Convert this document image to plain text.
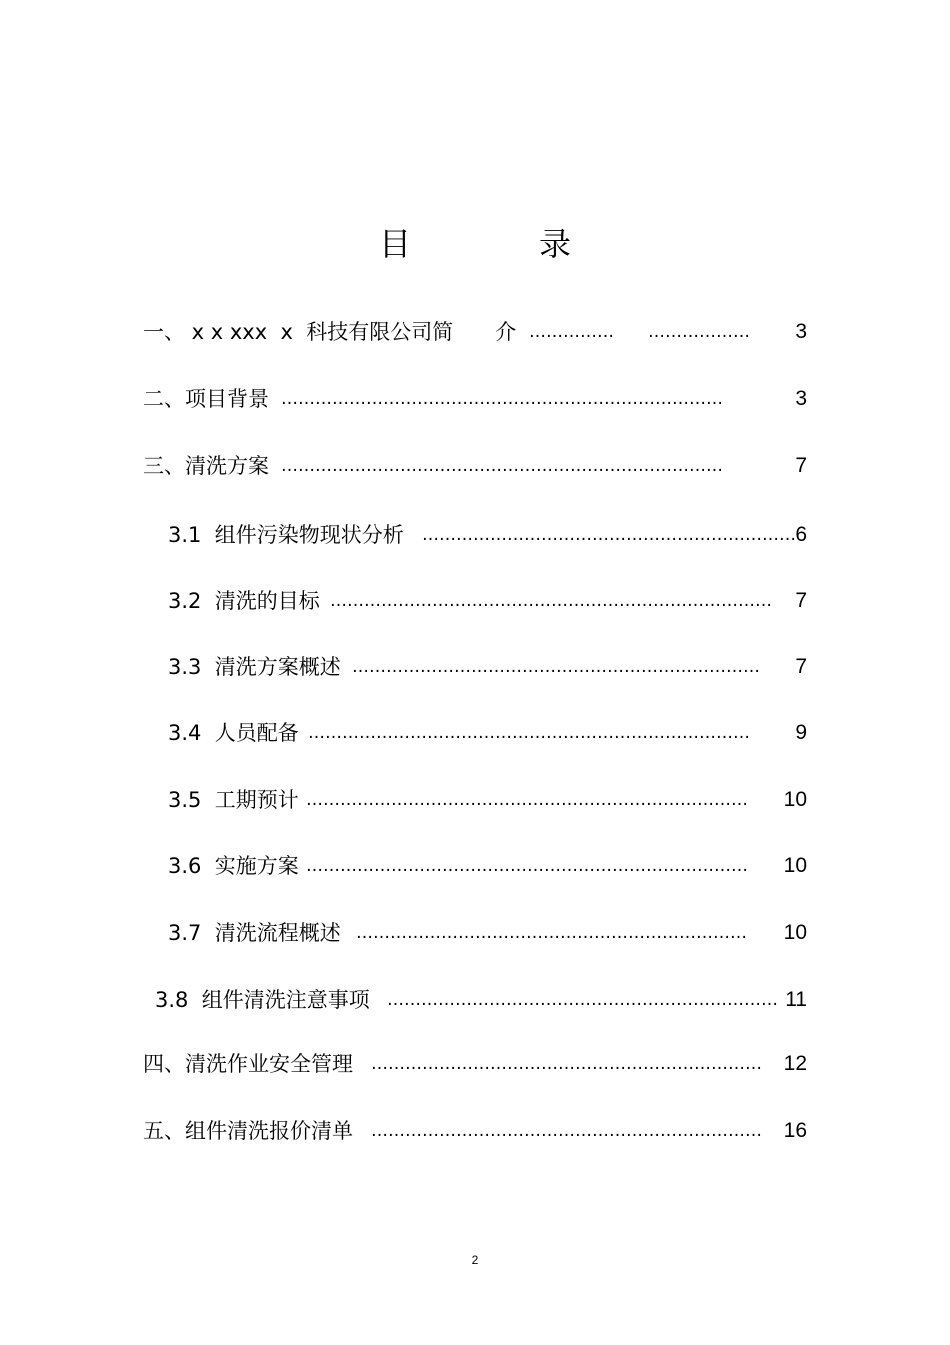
目　录
一、 x x xxx  x  科技有限公司简　　介 ……………　　………………	3
二、项目背景 ……………………………………………………………………	3
三、清洗方案 ……………………………………………………………………	7
3.1  组件污染物现状分析 ………………………………………………………… 6
3.2  清洗的目标 ……………………………………………………………………	7
3.3  清洗方案概述 ………………………………………………………………	7
3.4  人员配备 ……………………………………………………………………	9
3.5  工期预计 ……………………………………………………………………	10
3.6  实施方案 ……………………………………………………………………	10
3.7  清洗流程概述 ……………………………………………………………	10
3.8  组件清洗注意事项 …………………………………………………………… 11
四、清洗作业安全管理 ……………………………………………………………	12
五、组件清洗报价清单 ……………………………………………………………	16
2
